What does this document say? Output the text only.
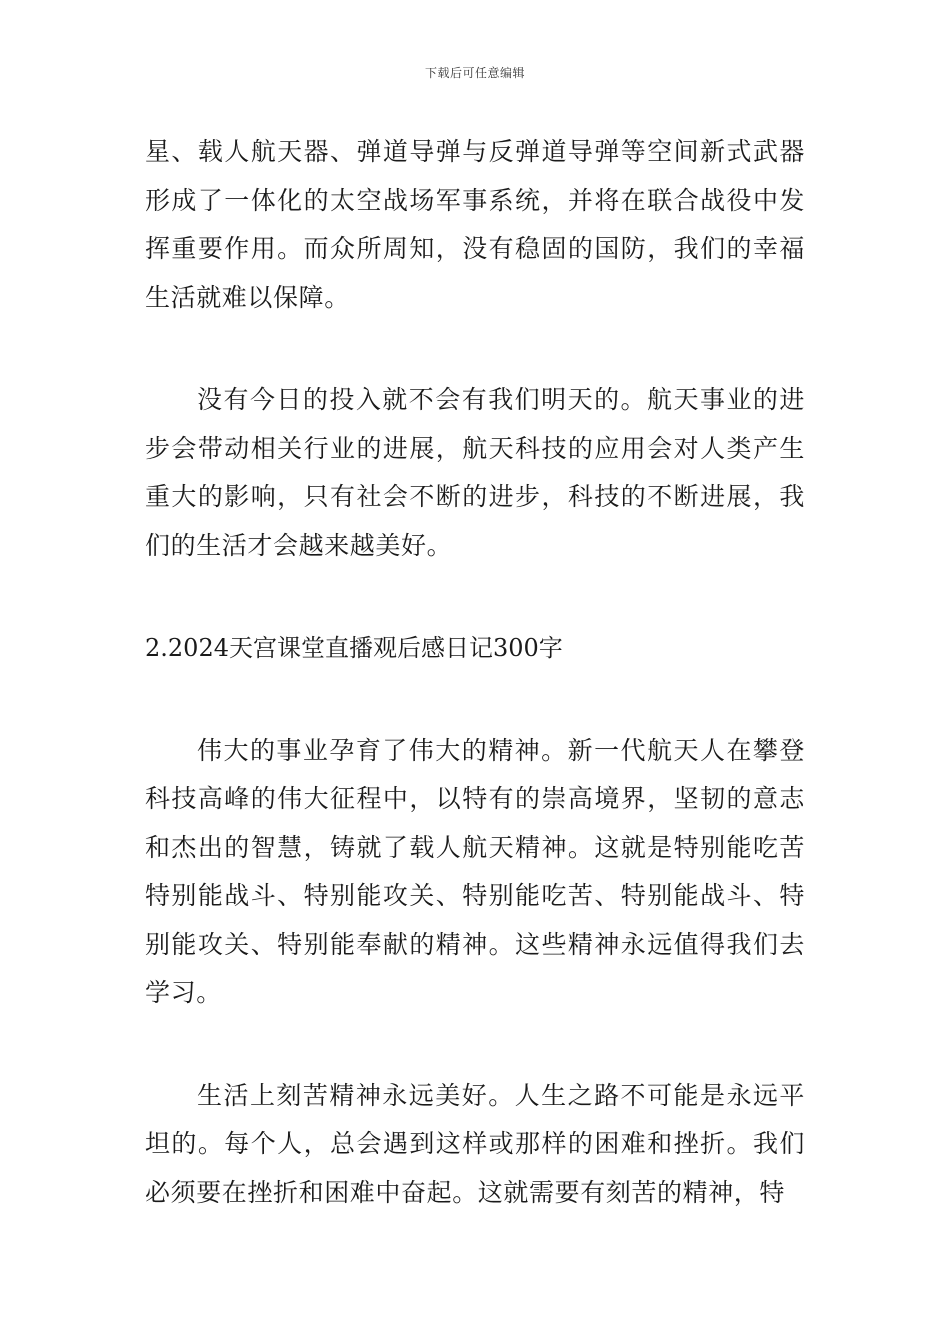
下载后可任意编辑

星、载人航天器、弹道导弹与反弹道导弹等空间新式武器形成了一体化的太空战场军事系统，并将在联合战役中发挥重要作用。而众所周知，没有稳固的国防，我们的幸福生活就难以保障。

没有今日的投入就不会有我们明天的。航天事业的进步会带动相关行业的进展，航天科技的应用会对人类产生重大的影响，只有社会不断的进步，科技的不断进展，我们的生活才会越来越美好。

2.2024天宫课堂直播观后感日记300字

伟大的事业孕育了伟大的精神。新一代航天人在攀登科技高峰的伟大征程中，以特有的崇高境界，坚韧的意志和杰出的智慧，铸就了载人航天精神。这就是特别能吃苦特别能战斗、特别能攻关、特别能吃苦、特别能战斗、特别能攻关、特别能奉献的精神。这些精神永远值得我们去学习。

生活上刻苦精神永远美好。人生之路不可能是永远平坦的。每个人，总会遇到这样或那样的困难和挫折。我们必须要在挫折和困难中奋起。这就需要有刻苦的精神，特
